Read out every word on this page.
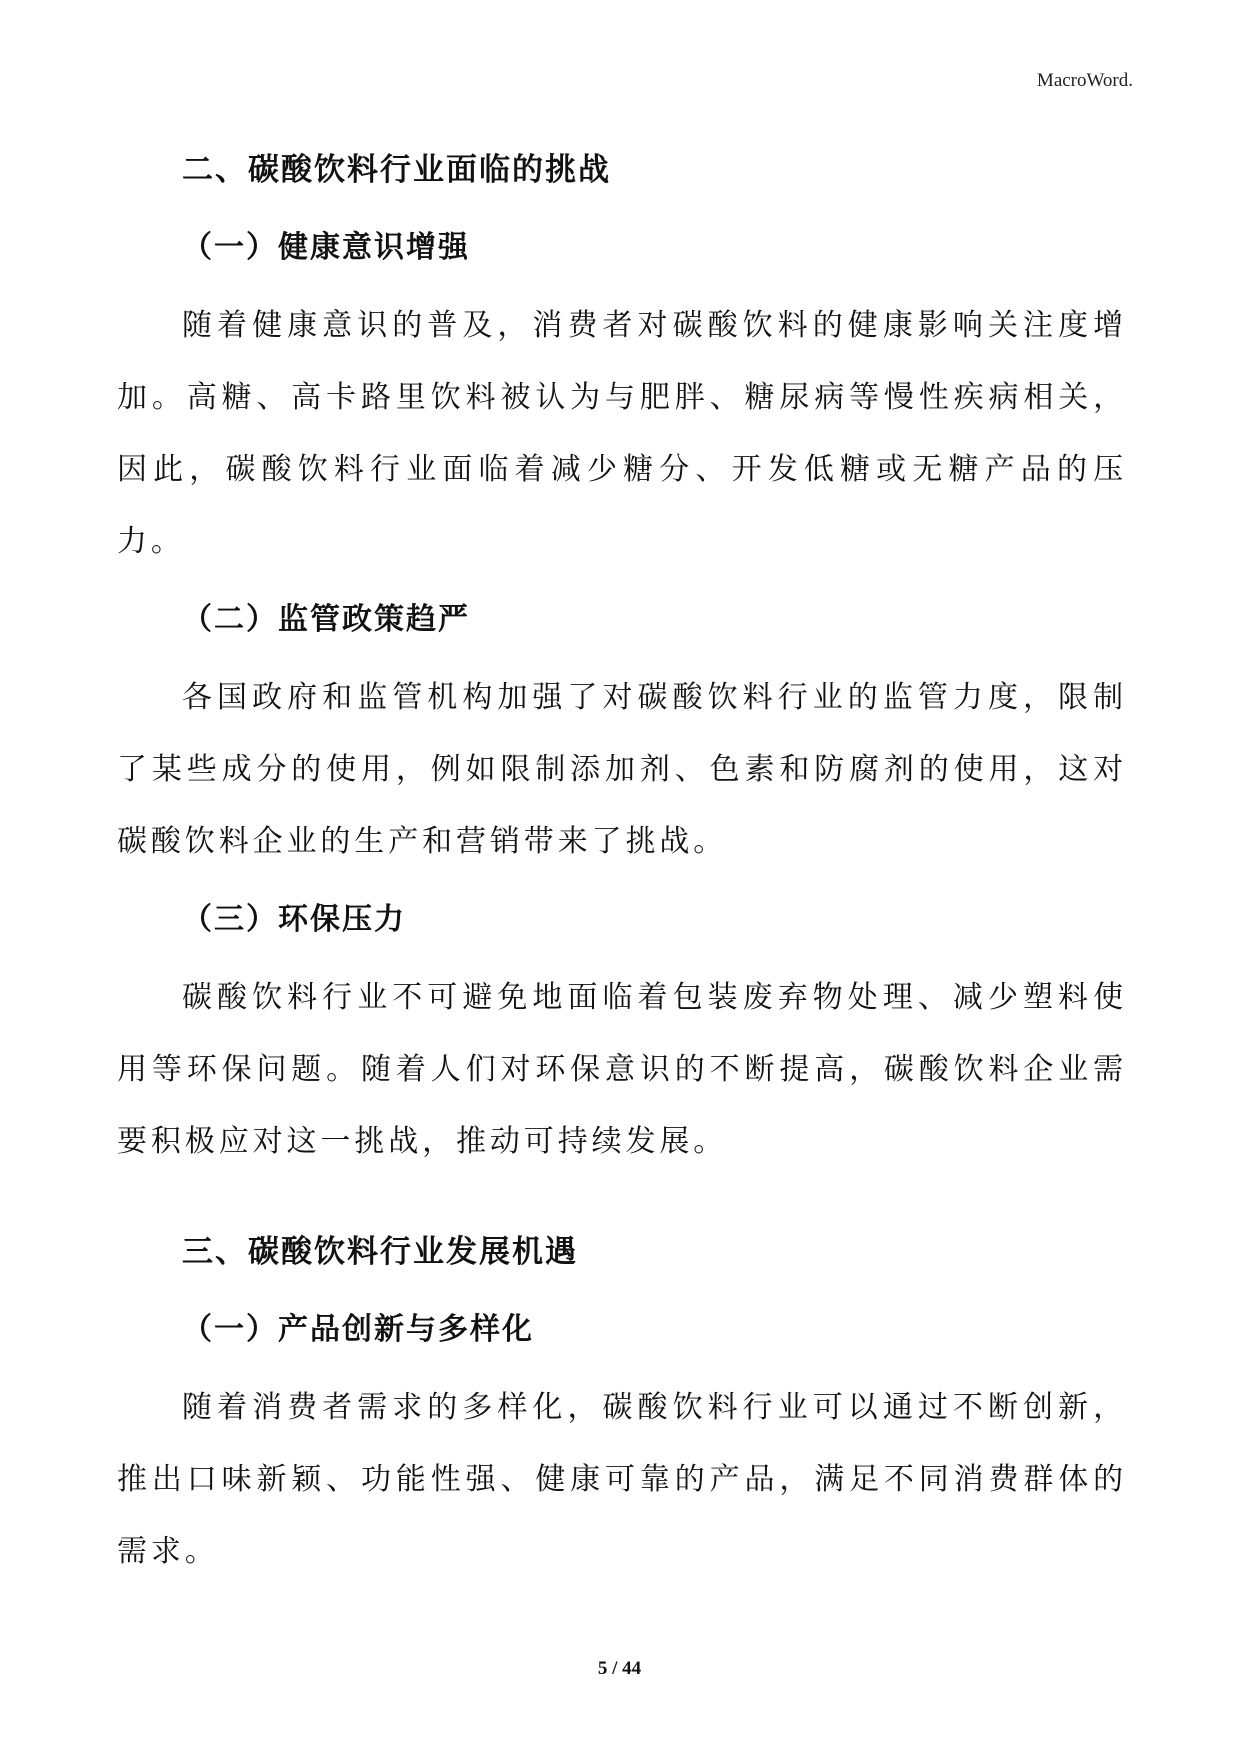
MacroWord.
二、碳酸饮料行业面临的挑战
（一）健康意识增强

随着健康意识的普及，消费者对碳酸饮料的健康影响关注度增加。高糖、高卡路里饮料被认为与肥胖、糖尿病等慢性疾病相关，因此，碳酸饮料行业面临着减少糖分、开发低糖或无糖产品的压力。

（二）监管政策趋严

各国政府和监管机构加强了对碳酸饮料行业的监管力度，限制了某些成分的使用，例如限制添加剂、色素和防腐剂的使用，这对碳酸饮料企业的生产和营销带来了挑战。

（三）环保压力

碳酸饮料行业不可避免地面临着包装废弃物处理、减少塑料使用等环保问题。随着人们对环保意识的不断提高，碳酸饮料企业需要积极应对这一挑战，推动可持续发展。

三、碳酸饮料行业发展机遇
（一）产品创新与多样化

随着消费者需求的多样化，碳酸饮料行业可以通过不断创新，推出口味新颖、功能性强、健康可靠的产品，满足不同消费群体的需求。

5 / 44
